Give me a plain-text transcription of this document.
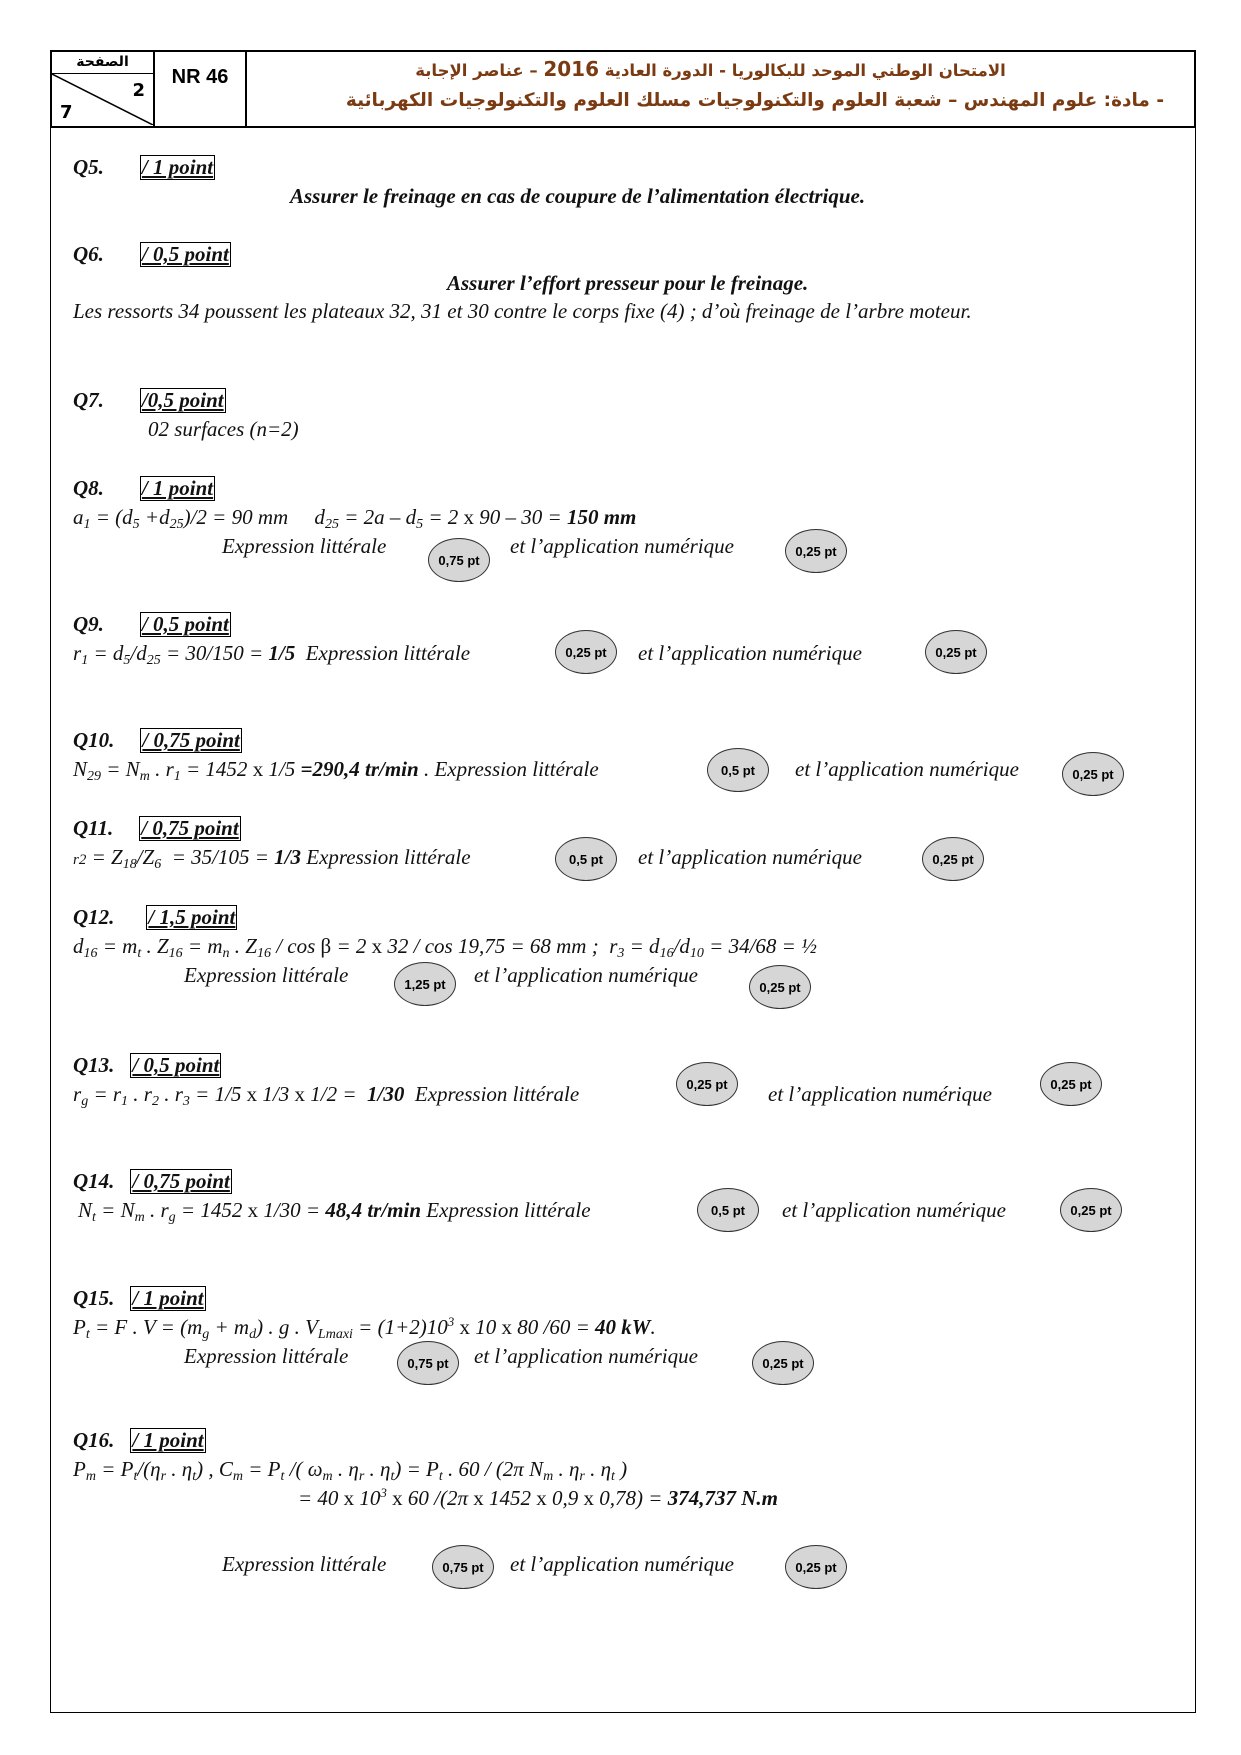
الصفحة
2
7
NR 46	الامتحان الوطني الموحد للبكالوريا - الدورة العادية 2016 – عناصر الإجابة
- مادة: علوم المهندس – شعبة العلوم والتكنولوجيات مسلك العلوم والتكنولوجيات الكهربائية
Q5. / 1 point
Assurer le freinage en cas de coupure de l’alimentation électrique.
Q6. / 0,5 point
Assurer l’effort presseur pour le freinage.
Les ressorts 34 poussent les plateaux 32, 31 et 30 contre le corps fixe (4) ; d’où freinage de l’arbre moteur.
Q7. /0,5 point
02 surfaces (n=2)
Q8. / 1 point
$a_1 = (d_5 +d_{25})/2 = 90$ mm     $d_{25} = 2a - d_5 = 2$ x 90 – 30 = 150 mm
Expression littérale	et l’application numérique
0,75 pt
0,25 pt
Q9. / 0,5 point
$r_1 = d_5/d_{25} = 30/150 = 1/5$ Expression littérale	et l’application numérique
0,25 pt	0,25 pt
Q10. / 0,75 point
$N_{29} = N_m$ . $r_1 = 1452$ x 1/5 =290,4 tr/min . Expression littérale	et l’application numérique
0,5 pt	0,25 pt
Q11. / 0,75 point
$r2 = Z_{18}/Z_6 = 35/105 = 1/3$ Expression littérale	et l’application numérique
0,5 pt	0,25 pt
Q12. / 1,5 point
$d_{16} = m_t$ . $Z_{16} = m_n$ . $Z_{16} / \cos \beta = 2$ x 32 / cos 19,75 = 68 mm ;  $r_3 = d_{16}/d_{10} = 34/68$ = ½
Expression littérale	et l’application numérique
1,25 pt	0,25 pt
Q13. / 0,5 point
$r_g = r_1$ . $r_2$ . $r_3 = 1/5$ x 1/3 x 1/2 =  1/30 Expression littérale	et l’application numérique
0,25 pt	0,25 pt
Q14. / 0,75 point
$N_t = N_m$ . $r_g = 1452$ x 1/30 = 48,4 tr/min Expression littérale	et l’application numérique
0,5 pt	0,25 pt
Q15. / 1 point
$P_t = F$ . $V = (m_g + m_d)$ . g . $V_{Lmaxi} = (1+2)10^3$ x 10 x 80 /60 = 40 kW.
Expression littérale	et l’application numérique
0,75 pt	0,25 pt
Q16. / 1 point
$P_m = P_t/(\eta_r$ . $\eta_t$) , $C_m = P_t$ /( $\omega_m$ . $\eta_r$ . $\eta_t) = P_t$ . 60 / (2π $N_m$ . $\eta_r$ . $\eta_t$ )
= 40 x $10^3$ x 60 /(2π x 1452 x 0,9 x 0,78) = 374,737 N.m
Expression littérale	et l’application numérique
0,75 pt	0,25 pt
